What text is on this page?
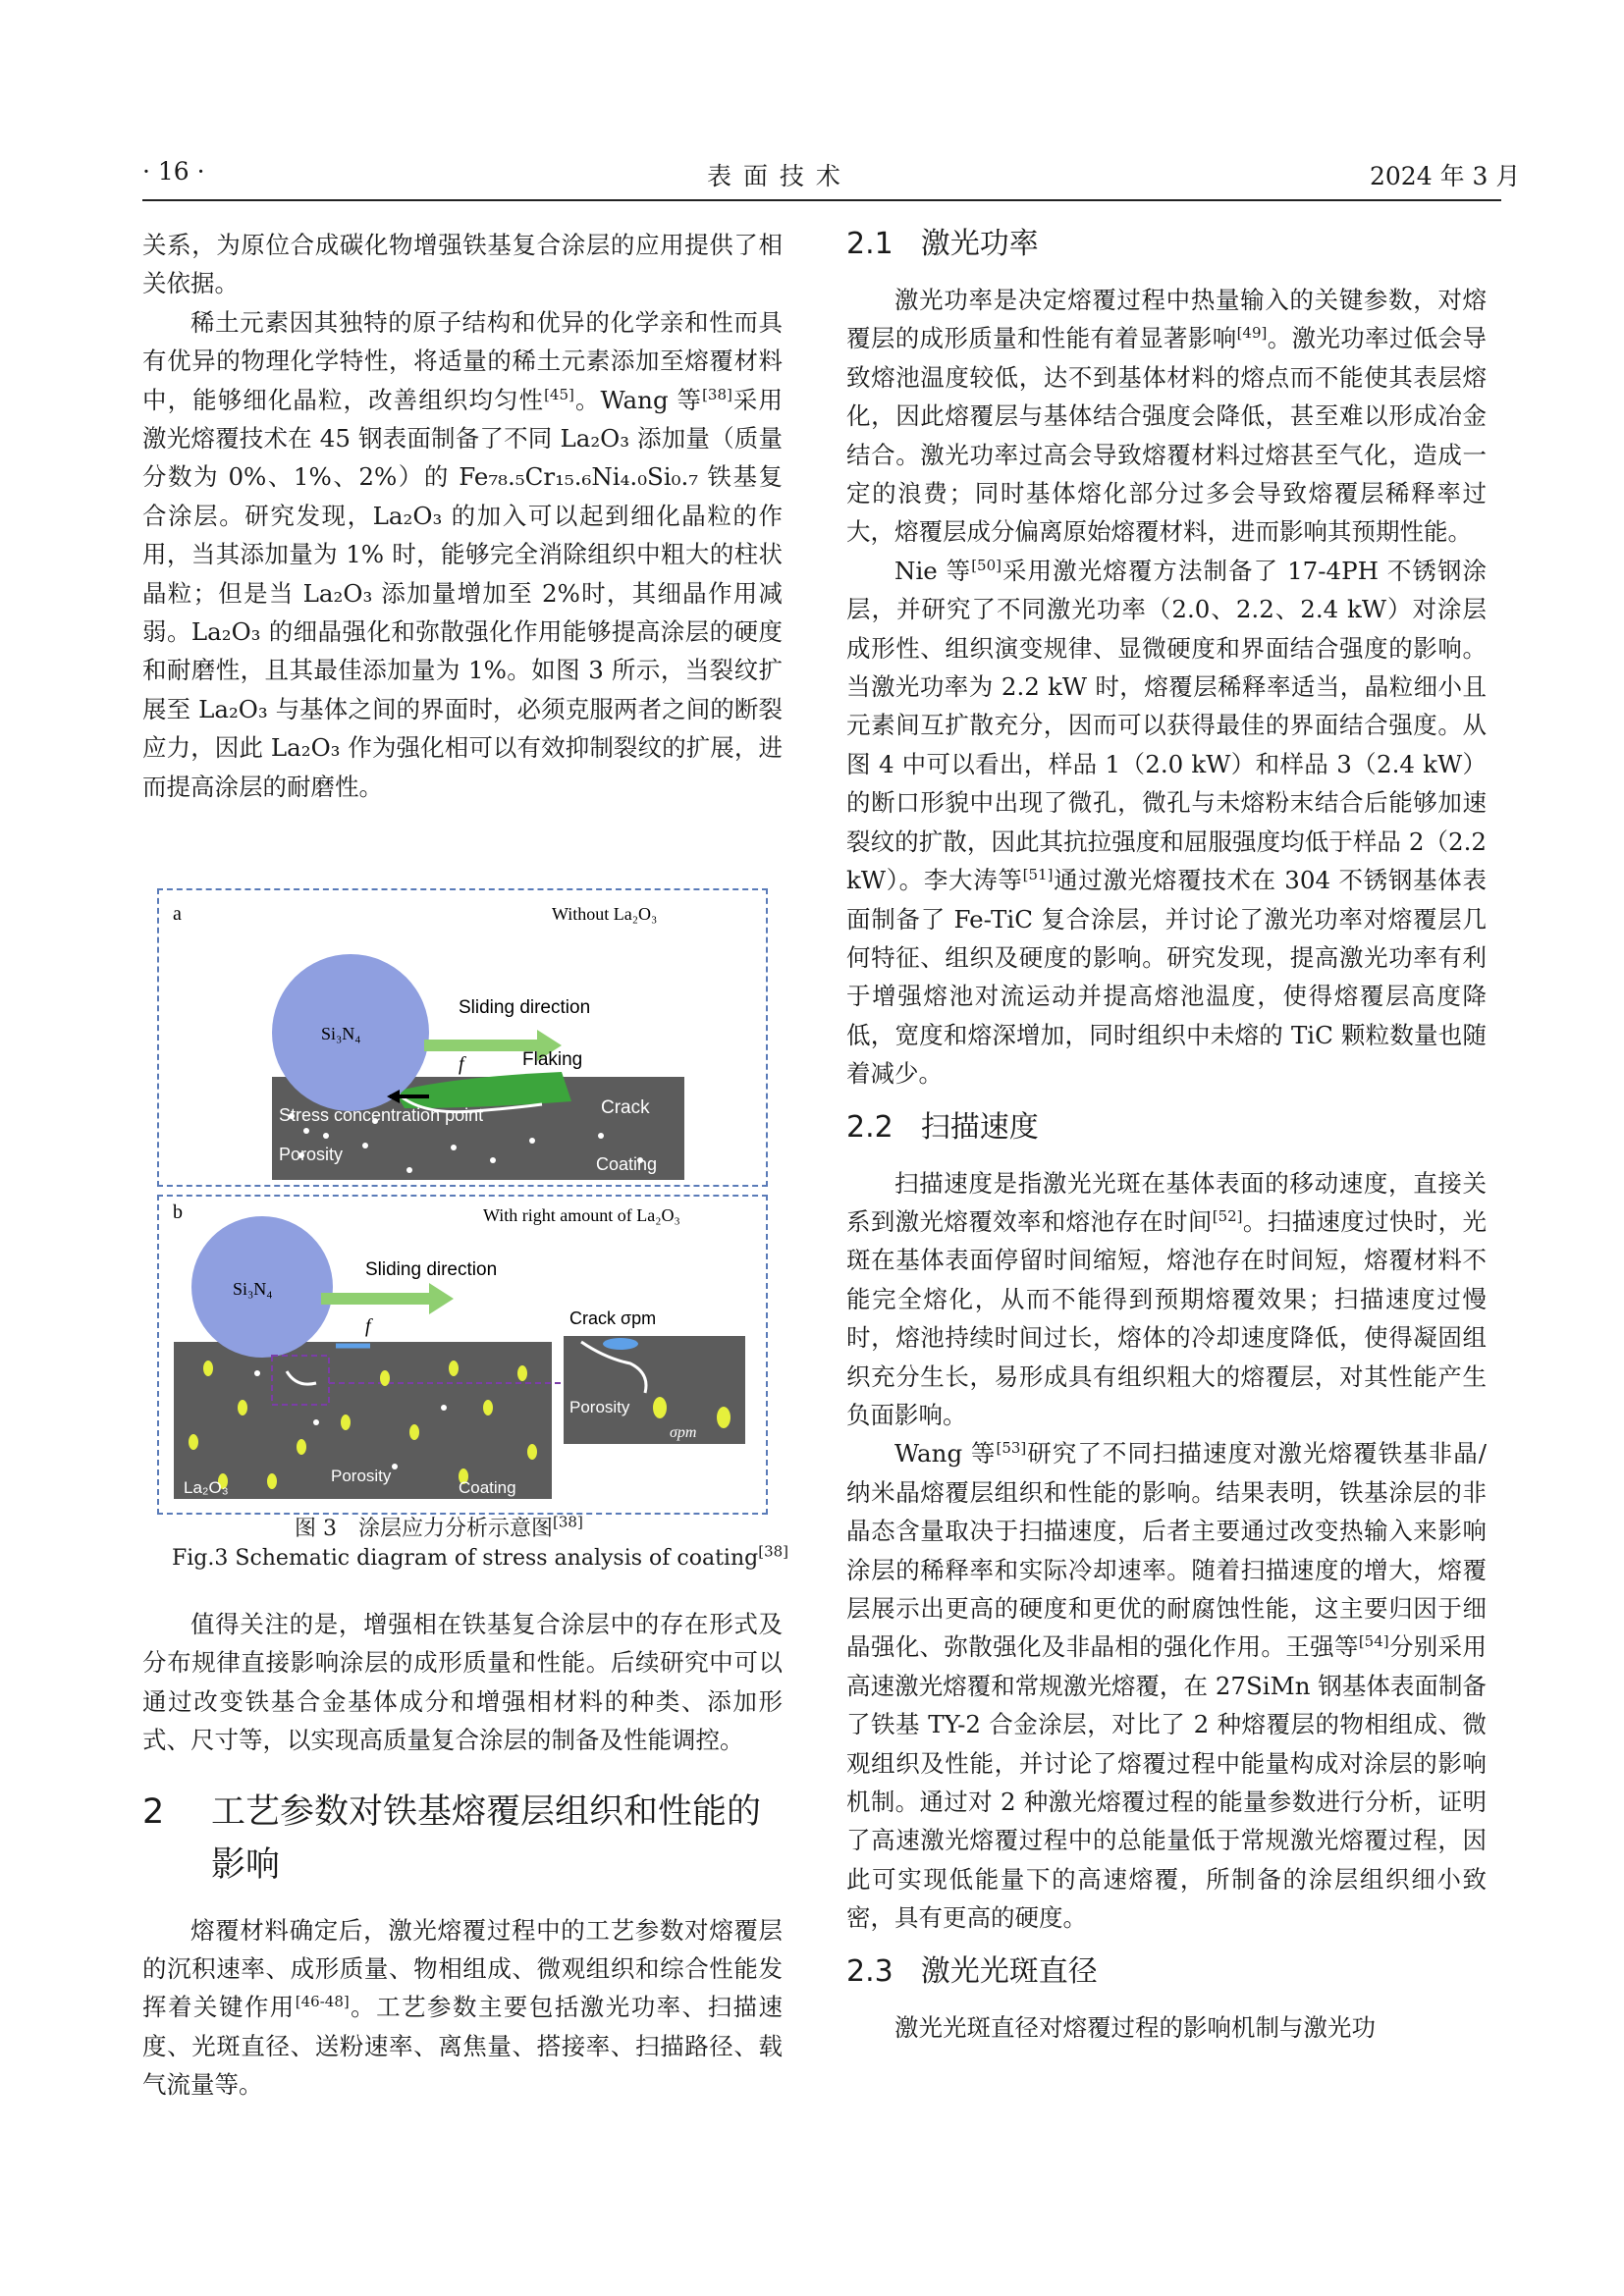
· 16 ·	表 面 技 术	2024 年 3 月

关系，为原位合成碳化物增强铁基复合涂层的应用提供了相关依据。

稀土元素因其独特的原子结构和优异的化学亲和性而具有优异的物理化学特性，将适量的稀土元素添加至熔覆材料中，能够细化晶粒，改善组织均匀性[45]。Wang 等[38]采用激光熔覆技术在 45 钢表面制备了不同 La₂O₃ 添加量（质量分数为 0%、1%、2%）的 Fe₇₈.₅Cr₁₅.₆Ni₄.₀Si₀.₇ 铁基复合涂层。研究发现，La₂O₃ 的加入可以起到细化晶粒的作用，当其添加量为 1% 时，能够完全消除组织中粗大的柱状晶粒；但是当 La₂O₃ 添加量增加至 2%时，其细晶作用减弱。La₂O₃ 的细晶强化和弥散强化作用能够提高涂层的硬度和耐磨性，且其最佳添加量为 1%。如图 3 所示，当裂纹扩展至 La₂O₃ 与基体之间的界面时，必须克服两者之间的断裂应力，因此 La₂O₃ 作为强化相可以有效抑制裂纹的扩展，进而提高涂层的耐磨性。

a	Without La₂O₃
Si₃N₄
Sliding direction
f	Flaking
Crack
Stress concentration point
Porosity	Coating
b	With right amount of La₂O₃
Si₃N₄
Sliding direction
f	Crack σpm
Porosity
σpm
La₂O₃
Porosity
Coating
图 3　涂层应力分析示意图[38]
Fig.3 Schematic diagram of stress analysis of coating[38]

值得关注的是，增强相在铁基复合涂层中的存在形式及分布规律直接影响涂层的成形质量和性能。后续研究中可以通过改变铁基合金基体成分和增强相材料的种类、添加形式、尺寸等，以实现高质量复合涂层的制备及性能调控。

2 工艺参数对铁基熔覆层组织和性能的影响

熔覆材料确定后，激光熔覆过程中的工艺参数对熔覆层的沉积速率、成形质量、物相组成、微观组织和综合性能发挥着关键作用[46-48]。工艺参数主要包括激光功率、扫描速度、光斑直径、送粉速率、离焦量、搭接率、扫描路径、载气流量等。

2.1 激光功率

激光功率是决定熔覆过程中热量输入的关键参数，对熔覆层的成形质量和性能有着显著影响[49]。激光功率过低会导致熔池温度较低，达不到基体材料的熔点而不能使其表层熔化，因此熔覆层与基体结合强度会降低，甚至难以形成冶金结合。激光功率过高会导致熔覆材料过熔甚至气化，造成一定的浪费；同时基体熔化部分过多会导致熔覆层稀释率过大，熔覆层成分偏离原始熔覆材料，进而影响其预期性能。

Nie 等[50]采用激光熔覆方法制备了 17-4PH 不锈钢涂层，并研究了不同激光功率（2.0、2.2、2.4 kW）对涂层成形性、组织演变规律、显微硬度和界面结合强度的影响。当激光功率为 2.2 kW 时，熔覆层稀释率适当，晶粒细小且元素间互扩散充分，因而可以获得最佳的界面结合强度。从图 4 中可以看出，样品 1（2.0 kW）和样品 3（2.4 kW）的断口形貌中出现了微孔，微孔与未熔粉末结合后能够加速裂纹的扩散，因此其抗拉强度和屈服强度均低于样品 2（2.2 kW）。李大涛等[51]通过激光熔覆技术在 304 不锈钢基体表面制备了 Fe-TiC 复合涂层，并讨论了激光功率对熔覆层几何特征、组织及硬度的影响。研究发现，提高激光功率有利于增强熔池对流运动并提高熔池温度，使得熔覆层高度降低，宽度和熔深增加，同时组织中未熔的 TiC 颗粒数量也随着减少。

2.2 扫描速度

扫描速度是指激光光斑在基体表面的移动速度，直接关系到激光熔覆效率和熔池存在时间[52]。扫描速度过快时，光斑在基体表面停留时间缩短，熔池存在时间短，熔覆材料不能完全熔化，从而不能得到预期熔覆效果；扫描速度过慢时，熔池持续时间过长，熔体的冷却速度降低，使得凝固组织充分生长，易形成具有组织粗大的熔覆层，对其性能产生负面影响。

Wang 等[53]研究了不同扫描速度对激光熔覆铁基非晶/纳米晶熔覆层组织和性能的影响。结果表明，铁基涂层的非晶态含量取决于扫描速度，后者主要通过改变热输入来影响涂层的稀释率和实际冷却速率。随着扫描速度的增大，熔覆层展示出更高的硬度和更优的耐腐蚀性能，这主要归因于细晶强化、弥散强化及非晶相的强化作用。王强等[54]分别采用高速激光熔覆和常规激光熔覆，在 27SiMn 钢基体表面制备了铁基 TY-2 合金涂层，对比了 2 种熔覆层的物相组成、微观组织及性能，并讨论了熔覆过程中能量构成对涂层的影响机制。通过对 2 种激光熔覆过程的能量参数进行分析，证明了高速激光熔覆过程中的总能量低于常规激光熔覆过程，因此可实现低能量下的高速熔覆，所制备的涂层组织细小致密，具有更高的硬度。

2.3 激光光斑直径

激光光斑直径对熔覆过程的影响机制与激光功
